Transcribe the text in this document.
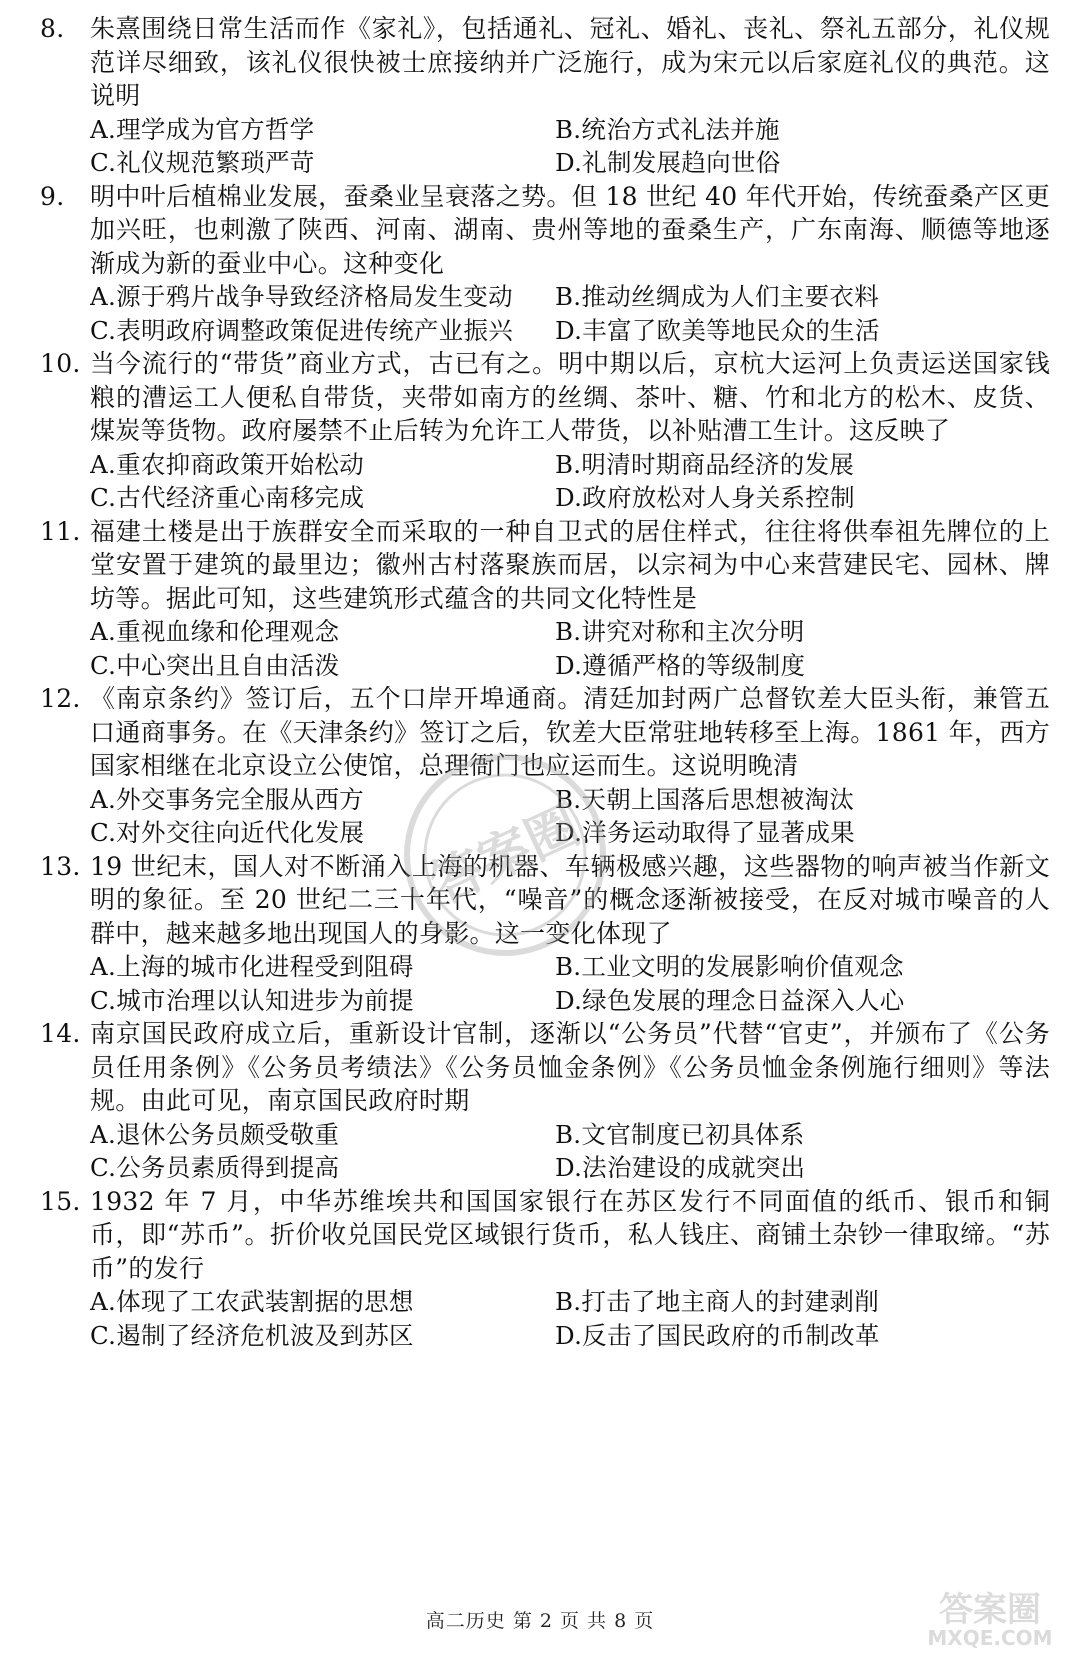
8.	朱熹围绕日常生活而作《家礼》，包括通礼、冠礼、婚礼、丧礼、祭礼五部分，礼仪规范详尽细致，该礼仪很快被士庶接纳并广泛施行，成为宋元以后家庭礼仪的典范。这说明
A.理学成为官方哲学	B.统治方式礼法并施
C.礼仪规范繁琐严苛	D.礼制发展趋向世俗
9.	明中叶后植棉业发展，蚕桑业呈衰落之势。但 18 世纪 40 年代开始，传统蚕桑产区更加兴旺，也刺激了陕西、河南、湖南、贵州等地的蚕桑生产，广东南海、顺德等地逐渐成为新的蚕业中心。这种变化
A.源于鸦片战争导致经济格局发生变动	B.推动丝绸成为人们主要衣料
C.表明政府调整政策促进传统产业振兴	D.丰富了欧美等地民众的生活
10. 当今流行的“带货”商业方式，古已有之。明中期以后，京杭大运河上负责运送国家钱粮的漕运工人便私自带货，夹带如南方的丝绸、茶叶、糖、竹和北方的松木、皮货、煤炭等货物。政府屡禁不止后转为允许工人带货，以补贴漕工生计。这反映了
A.重农抑商政策开始松动	B.明清时期商品经济的发展
C.古代经济重心南移完成	D.政府放松对人身关系控制
11. 福建土楼是出于族群安全而采取的一种自卫式的居住样式，往往将供奉祖先牌位的上堂安置于建筑的最里边；徽州古村落聚族而居，以宗祠为中心来营建民宅、园林、牌坊等。据此可知，这些建筑形式蕴含的共同文化特性是
A.重视血缘和伦理观念	B.讲究对称和主次分明
C.中心突出且自由活泼	D.遵循严格的等级制度
12. 《南京条约》签订后，五个口岸开埠通商。清廷加封两广总督钦差大臣头衔，兼管五口通商事务。在《天津条约》签订之后，钦差大臣常驻地转移至上海。1861 年，西方国家相继在北京设立公使馆，总理衙门也应运而生。这说明晚清
A.外交事务完全服从西方	B.天朝上国落后思想被淘汰
C.对外交往向近代化发展	D.洋务运动取得了显著成果
13. 19 世纪末，国人对不断涌入上海的机器、车辆极感兴趣，这些器物的响声被当作新文明的象征。至 20 世纪二三十年代，“噪音”的概念逐渐被接受，在反对城市噪音的人群中，越来越多地出现国人的身影。这一变化体现了
A.上海的城市化进程受到阻碍	B.工业文明的发展影响价值观念
C.城市治理以认知进步为前提	D.绿色发展的理念日益深入人心
14. 南京国民政府成立后，重新设计官制，逐渐以“公务员”代替“官吏”，并颁布了《公务员任用条例》《公务员考绩法》《公务员恤金条例》《公务员恤金条例施行细则》等法规。由此可见，南京国民政府时期
A.退休公务员颇受敬重	B.文官制度已初具体系
C.公务员素质得到提高	D.法治建设的成就突出
15. 1932 年 7 月，中华苏维埃共和国国家银行在苏区发行不同面值的纸币、银币和铜币，即“苏币”。折价收兑国民党区域银行货币，私人钱庄、商铺土杂钞一律取缔。“苏币”的发行
A.体现了工农武装割据的思想	B.打击了地主商人的封建剥削
C.遏制了经济危机波及到苏区	D.反击了国民政府的币制改革
答案圈
答案圈
MXQE.COM
高二历史 第 2 页 共 8 页
